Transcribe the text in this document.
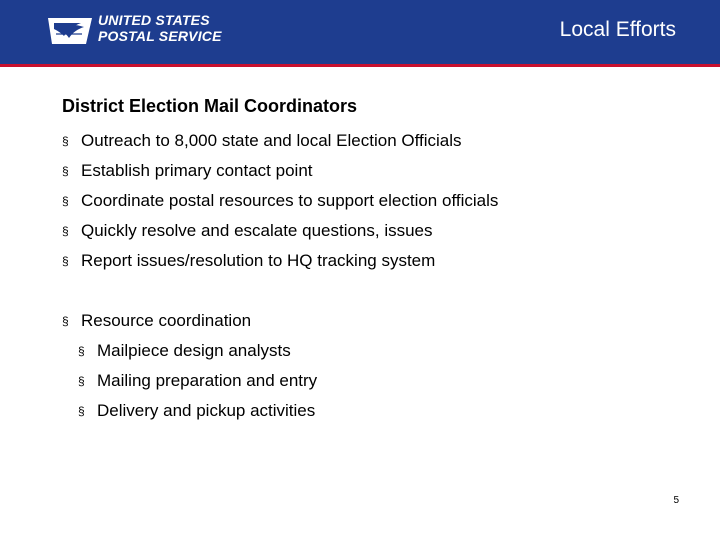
UNITED STATES
POSTAL SERVICE	Local Efforts
District Election Mail Coordinators
§ Outreach to 8,000 state and local Election Officials
§ Establish primary contact point
§ Coordinate postal resources to support election officials
§ Quickly resolve and escalate questions, issues
§ Report issues/resolution to HQ tracking system
§ Resource coordination
§ Mailpiece design analysts
§ Mailing preparation and entry
§ Delivery and pickup activities
5
